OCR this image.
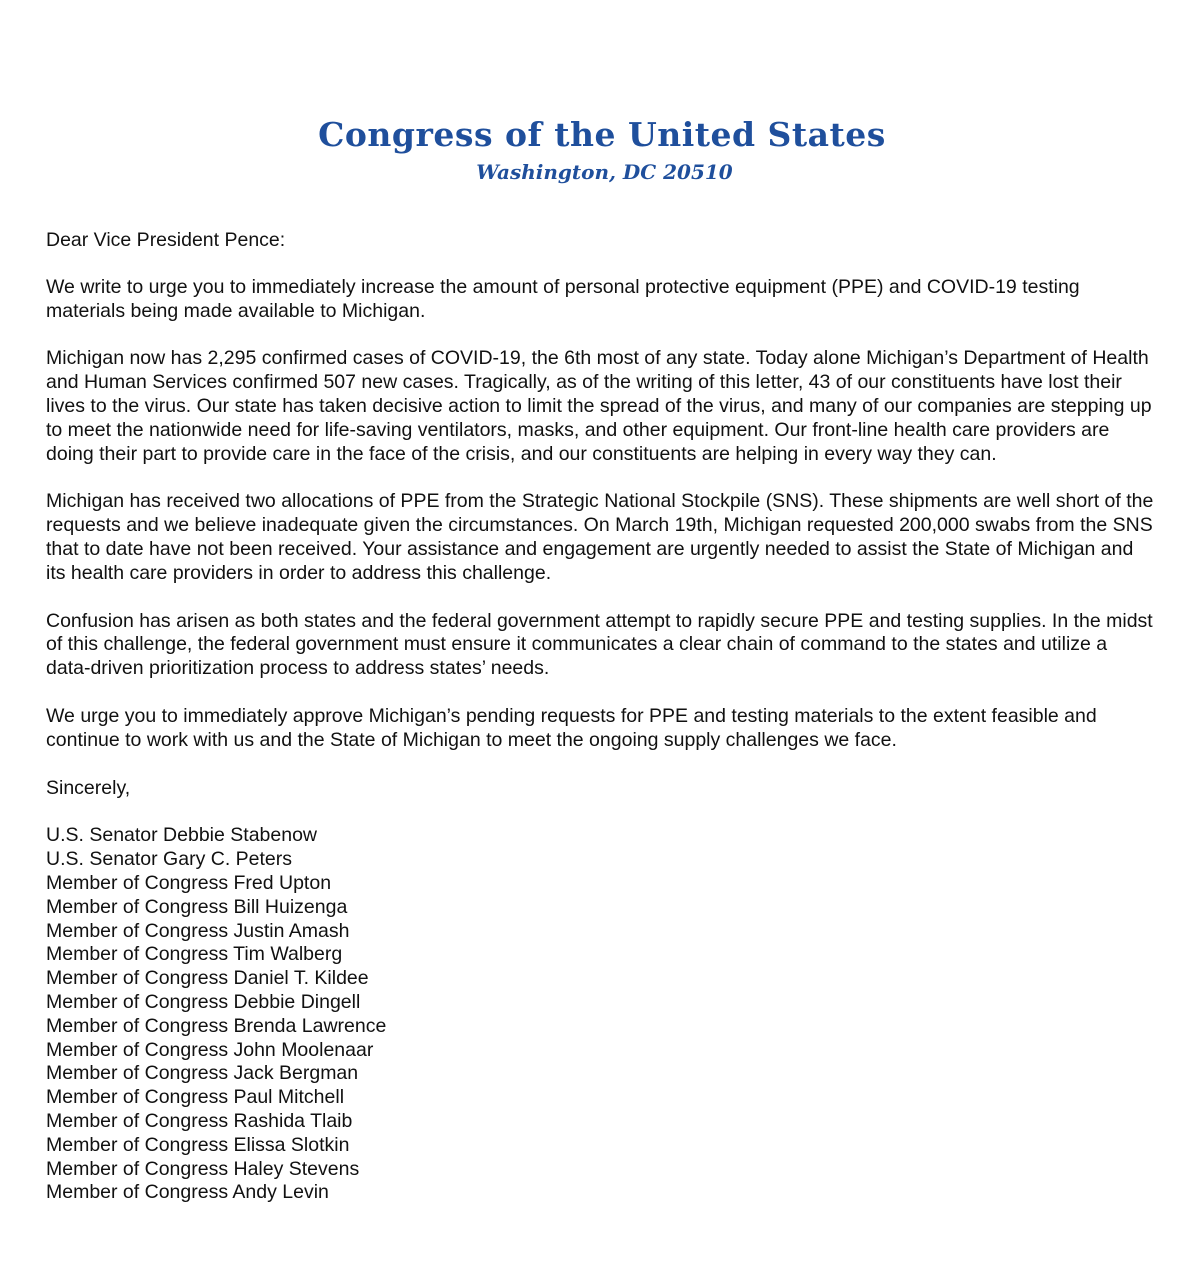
Congress of the United States
Washington, DC 20510

Dear Vice President Pence:

We write to urge you to immediately increase the amount of personal protective equipment (PPE) and COVID-19 testing materials being made available to Michigan.

Michigan now has 2,295 confirmed cases of COVID-19, the 6th most of any state. Today alone Michigan’s Department of Health and Human Services confirmed 507 new cases. Tragically, as of the writing of this letter, 43 of our constituents have lost their lives to the virus. Our state has taken decisive action to limit the spread of the virus, and many of our companies are stepping up to meet the nationwide need for life-saving ventilators, masks, and other equipment. Our front-line health care providers are doing their part to provide care in the face of the crisis, and our constituents are helping in every way they can.

Michigan has received two allocations of PPE from the Strategic National Stockpile (SNS). These shipments are well short of the requests and we believe inadequate given the circumstances. On March 19th, Michigan requested 200,000 swabs from the SNS that to date have not been received. Your assistance and engagement are urgently needed to assist the State of Michigan and its health care providers in order to address this challenge.

Confusion has arisen as both states and the federal government attempt to rapidly secure PPE and testing supplies. In the midst of this challenge, the federal government must ensure it communicates a clear chain of command to the states and utilize a data-driven prioritization process to address states’ needs.

We urge you to immediately approve Michigan’s pending requests for PPE and testing materials to the extent feasible and continue to work with us and the State of Michigan to meet the ongoing supply challenges we face.

Sincerely,

U.S. Senator Debbie Stabenow
U.S. Senator Gary C. Peters
Member of Congress Fred Upton
Member of Congress Bill Huizenga
Member of Congress Justin Amash
Member of Congress Tim Walberg
Member of Congress Daniel T. Kildee
Member of Congress Debbie Dingell
Member of Congress Brenda Lawrence
Member of Congress John Moolenaar
Member of Congress Jack Bergman
Member of Congress Paul Mitchell
Member of Congress Rashida Tlaib
Member of Congress Elissa Slotkin
Member of Congress Haley Stevens
Member of Congress Andy Levin
